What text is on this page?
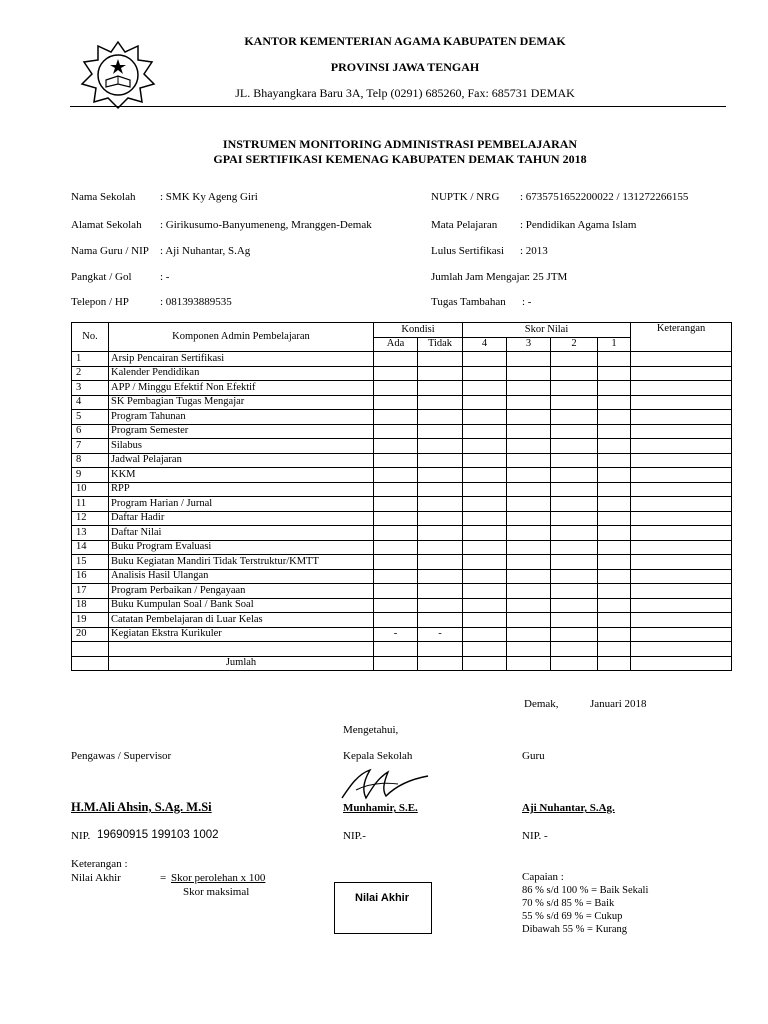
KANTOR KEMENTERIAN AGAMA KABUPATEN DEMAK
PROVINSI JAWA TENGAH
JL. Bhayangkara Baru 3A, Telp (0291) 685260, Fax: 685731 DEMAK
INSTRUMEN MONITORING ADMINISTRASI PEMBELAJARAN
GPAI SERTIFIKASI KEMENAG KABUPATEN DEMAK TAHUN 2018
Nama Sekolah : SMK Ky Ageng Giri
Alamat Sekolah : Girikusumo-Banyumeneng, Mranggen-Demak
Nama Guru / NIP : Aji Nuhantar, S.Ag
Pangkat / Gol	: -
Telepon / HP	: 081393889535
NUPTK / NRG : 6735751652200022 / 131272266155
Mata Pelajaran : Pendidikan Agama Islam
Lulus Sertifikasi : 2013
Jumlah Jam Mengajar
: 25 JTM
Tugas Tambahan : -
No.	Komponen Admin Pembelajaran	Kondisi		Skor Nilai				Keterangan
		Ada	Tidak	4	3	2	1	
1	Arsip Pencairan Sertifikasi							
2	Kalender Pendidikan							
3	APP / Minggu Efektif Non Efektif							
4	SK Pembagian Tugas Mengajar							
5	Program Tahunan							
6	Program Semester							
7	Silabus							
8	Jadwal Pelajaran							
9	KKM							
10	RPP							
11	Program Harian / Jurnal							
12	Daftar Hadir							
13	Daftar Nilai							
14	Buku Program Evaluasi							
15	Buku Kegiatan Mandiri Tidak Terstruktur/KMTT							
16	Analisis Hasil Ulangan							
17	Program Perbaikan / Pengayaan							
18	Buku Kumpulan Soal / Bank Soal							
19	Catatan Pembelajaran di Luar Kelas							
20	Kegiatan Ekstra Kurikuler	-	-					

	Jumlah							
Demak,	Januari 2018
Mengetahui,
Pengawas / Supervisor	Kepala Sekolah	Guru
H.M.Ali Ahsin, S.Ag. M.Si	Munhamir, S.E.	Aji Nuhantar, S.Ag.
NIP. 19690915 199103 1002	NIP.-	NIP. -
Keterangan :
Nilai Akhir	= Skor perolehan x 100
Skor maksimal	Nilai Akhir
Capaian :
86 % s/d 100 % = Baik Sekali
70 % s/d 85 % = Baik
55 % s/d 69 % = Cukup
Dibawah 55 % = Kurang
